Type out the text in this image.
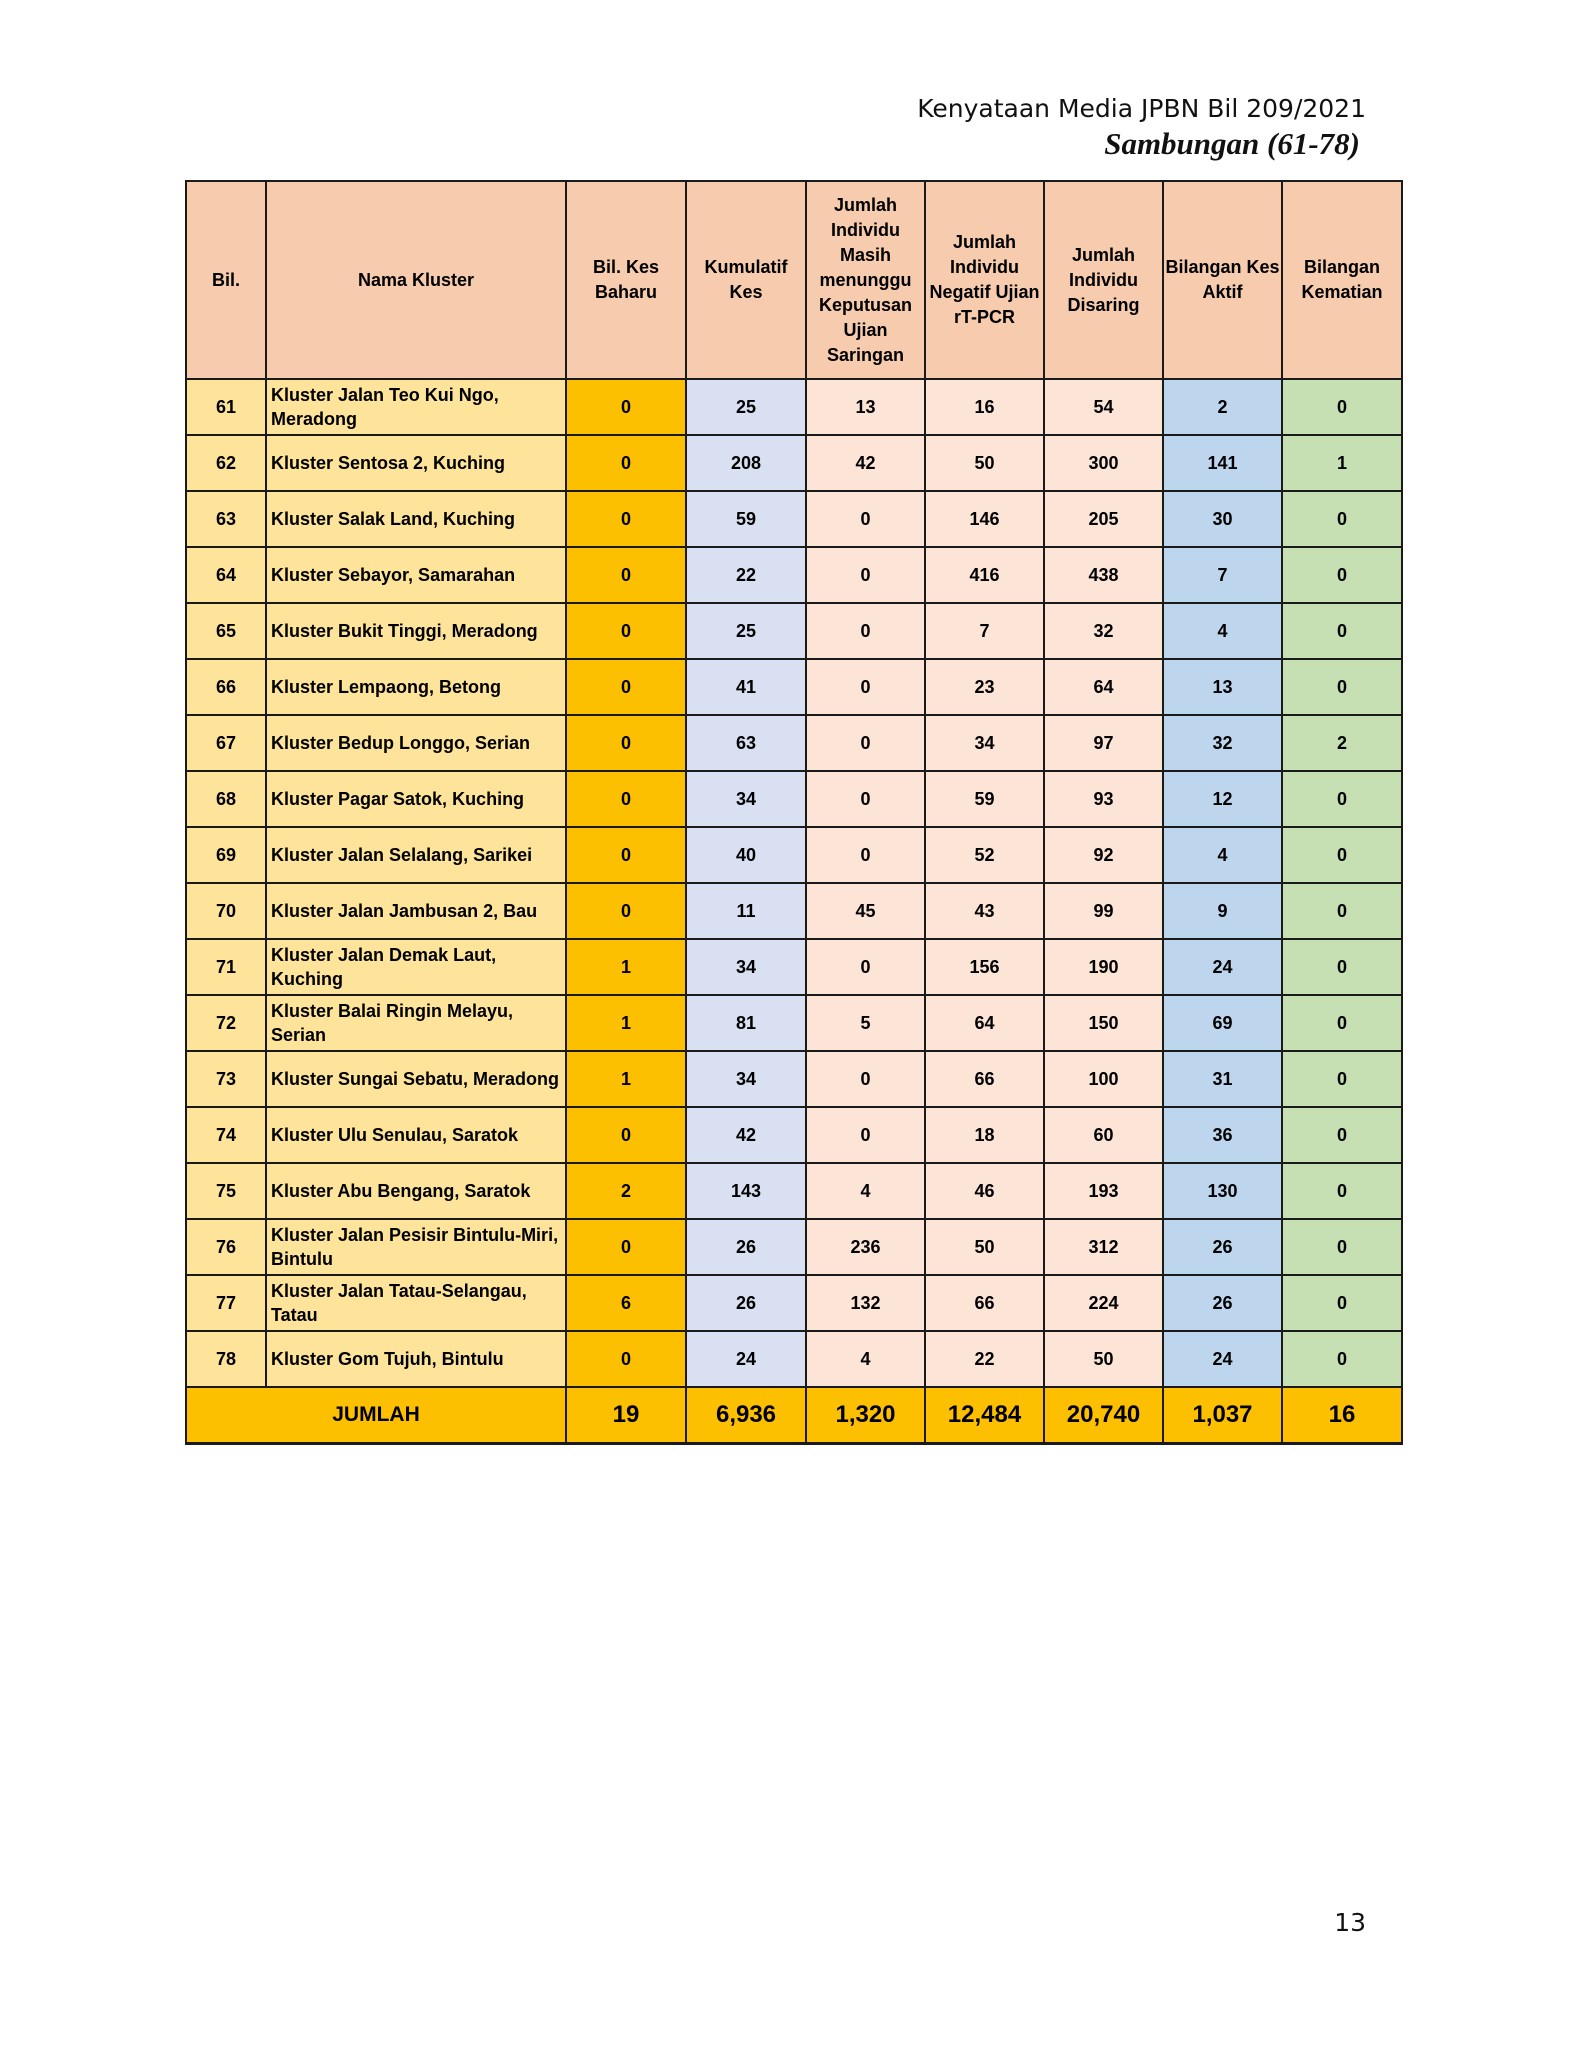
Kenyataan Media JPBN Bil 209/2021
Sambungan (61-78)
Bil.	Nama Kluster	Bil. Kes Baharu	Kumulatif Kes	Jumlah Individu Masih menunggu Keputusan Ujian Saringan	Jumlah Individu Negatif Ujian rT-PCR	Jumlah Individu Disaring	Bilangan Kes Aktif	Bilangan Kematian
61	Kluster Jalan Teo Kui Ngo, Meradong	0	25	13	16	54	2	0
62	Kluster Sentosa 2, Kuching	0	208	42	50	300	141	1
63	Kluster Salak Land, Kuching	0	59	0	146	205	30	0
64	Kluster Sebayor, Samarahan	0	22	0	416	438	7	0
65	Kluster Bukit Tinggi, Meradong	0	25	0	7	32	4	0
66	Kluster Lempaong, Betong	0	41	0	23	64	13	0
67	Kluster Bedup Longgo, Serian	0	63	0	34	97	32	2
68	Kluster Pagar Satok, Kuching	0	34	0	59	93	12	0
69	Kluster Jalan Selalang, Sarikei	0	40	0	52	92	4	0
70	Kluster Jalan Jambusan 2, Bau	0	11	45	43	99	9	0
71	Kluster Jalan Demak Laut, Kuching	1	34	0	156	190	24	0
72	Kluster Balai Ringin Melayu, Serian	1	81	5	64	150	69	0
73	Kluster Sungai Sebatu, Meradong	1	34	0	66	100	31	0
74	Kluster Ulu Senulau, Saratok	0	42	0	18	60	36	0
75	Kluster Abu Bengang, Saratok	2	143	4	46	193	130	0
76	Kluster Jalan Pesisir Bintulu-Miri, Bintulu	0	26	236	50	312	26	0
77	Kluster Jalan Tatau-Selangau, Tatau	6	26	132	66	224	26	0
78	Kluster Gom Tujuh, Bintulu	0	24	4	22	50	24	0
JUMLAH		19	6,936	1,320	12,484	20,740	1,037	16
13
